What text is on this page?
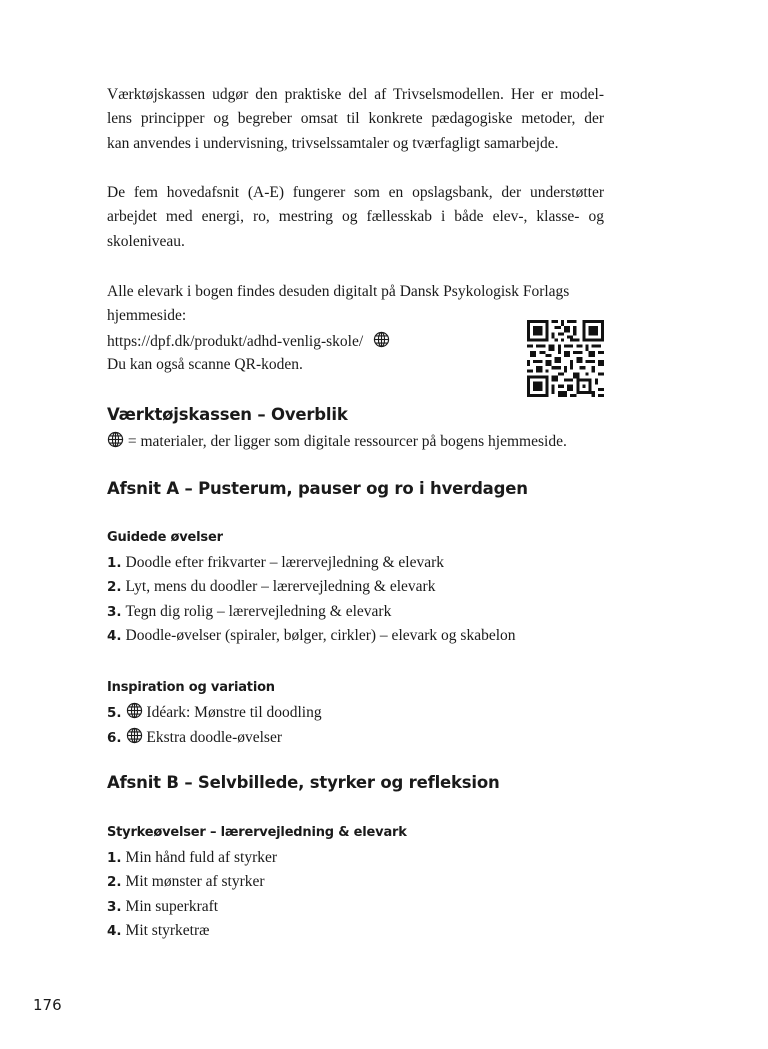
Værktøjskassen udgør den praktiske del af Trivselsmodellen. Her er model-
lens principper og begreber omsat til konkrete pædagogiske metoder, der
kan anvendes i undervisning, trivselssamtaler og tværfagligt samarbejde.
De fem hovedafsnit (A-E) fungerer som en opslagsbank, der understøtter
arbejdet med energi, ro, mestring og fællesskab i både elev-, klasse- og
skoleniveau.
Alle elevark i bogen findes desuden digitalt på Dansk Psykologisk Forlags
hjemmeside:
https://dpf.dk/produkt/adhd-venlig-skole/
Du kan også scanne QR-koden.
Værktøjskassen – Overblik
= materialer, der ligger som digitale ressourcer på bogens hjemmeside.
Afsnit A – Pusterum, pauser og ro i hverdagen
Guidede øvelser
1. Doodle efter frikvarter – lærervejledning & elevark
2. Lyt, mens du doodler – lærervejledning & elevark
3. Tegn dig rolig – lærervejledning & elevark
4. Doodle-øvelser (spiraler, bølger, cirkler) – elevark og skabelon
Inspiration og variation
5. Idéark: Mønstre til doodling
6. Ekstra doodle-øvelser
Afsnit B – Selvbillede, styrker og refleksion
Styrkeøvelser – lærervejledning & elevark
1. Min hånd fuld af styrker
2. Mit mønster af styrker
3. Min superkraft
4. Mit styrketræ
176
